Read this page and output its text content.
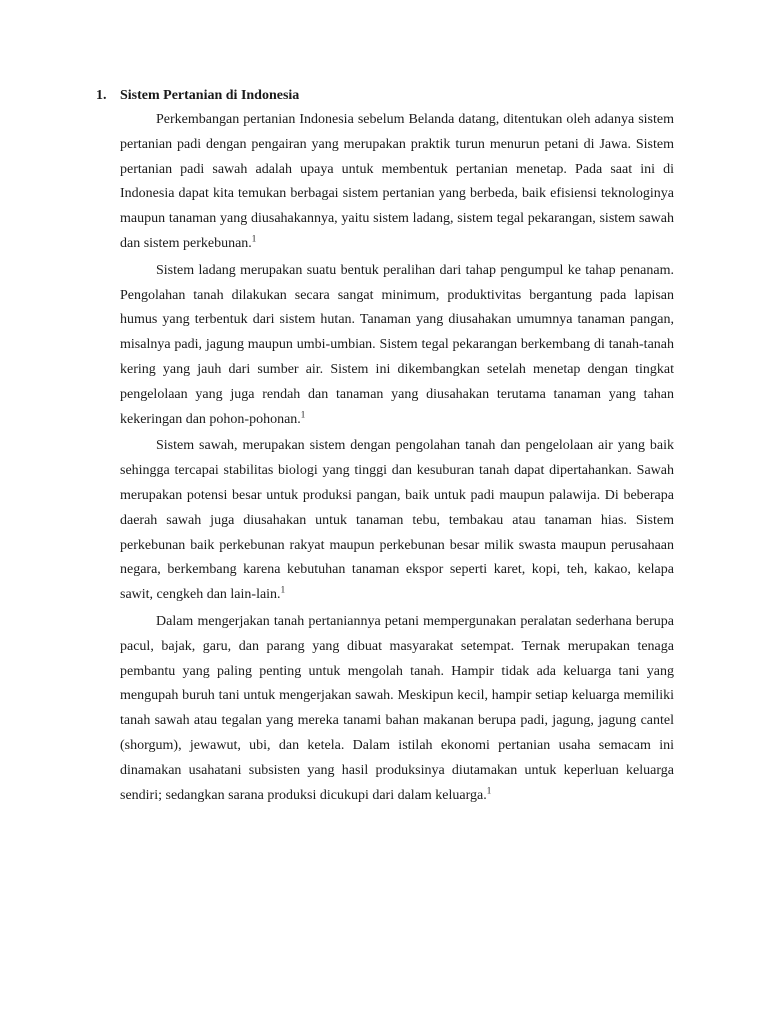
1. Sistem Pertanian di Indonesia

Perkembangan pertanian Indonesia sebelum Belanda datang, ditentukan oleh adanya sistem pertanian padi dengan pengairan yang merupakan praktik turun menurun petani di Jawa. Sistem pertanian padi sawah adalah upaya untuk membentuk pertanian menetap. Pada saat ini di Indonesia dapat kita temukan berbagai sistem pertanian yang berbeda, baik efisiensi teknologinya maupun tanaman yang diusahakannya, yaitu sistem ladang, sistem tegal pekarangan, sistem sawah dan sistem perkebunan.$^1$

Sistem ladang merupakan suatu bentuk peralihan dari tahap pengumpul ke tahap penanam. Pengolahan tanah dilakukan secara sangat minimum, produktivitas bergantung pada lapisan humus yang terbentuk dari sistem hutan. Tanaman yang diusahakan umumnya tanaman pangan, misalnya padi, jagung maupun umbi-umbian. Sistem tegal pekarangan berkembang di tanah-tanah kering yang jauh dari sumber air. Sistem ini dikembangkan setelah menetap dengan tingkat pengelolaan yang juga rendah dan tanaman yang diusahakan terutama tanaman yang tahan kekeringan dan pohon-pohonan.$^1$

Sistem sawah, merupakan sistem dengan pengolahan tanah dan pengelolaan air yang baik sehingga tercapai stabilitas biologi yang tinggi dan kesuburan tanah dapat dipertahankan. Sawah merupakan potensi besar untuk produksi pangan, baik untuk padi maupun palawija. Di beberapa daerah sawah juga diusahakan untuk tanaman tebu, tembakau atau tanaman hias. Sistem perkebunan baik perkebunan rakyat maupun perkebunan besar milik swasta maupun perusahaan negara, berkembang karena kebutuhan tanaman ekspor seperti karet, kopi, teh, kakao, kelapa sawit, cengkeh dan lain-lain.$^1$

Dalam mengerjakan tanah pertaniannya petani mempergunakan peralatan sederhana berupa pacul, bajak, garu, dan parang yang dibuat masyarakat setempat. Ternak merupakan tenaga pembantu yang paling penting untuk mengolah tanah. Hampir tidak ada keluarga tani yang mengupah buruh tani untuk mengerjakan sawah. Meskipun kecil, hampir setiap keluarga memiliki tanah sawah atau tegalan yang mereka tanami bahan makanan berupa padi, jagung, jagung cantel (shorgum), jewawut, ubi, dan ketela. Dalam istilah ekonomi pertanian usaha semacam ini dinamakan usahatani subsisten yang hasil produksinya diutamakan untuk keperluan keluarga sendiri; sedangkan sarana produksi dicukupi dari dalam keluarga.$^1$
